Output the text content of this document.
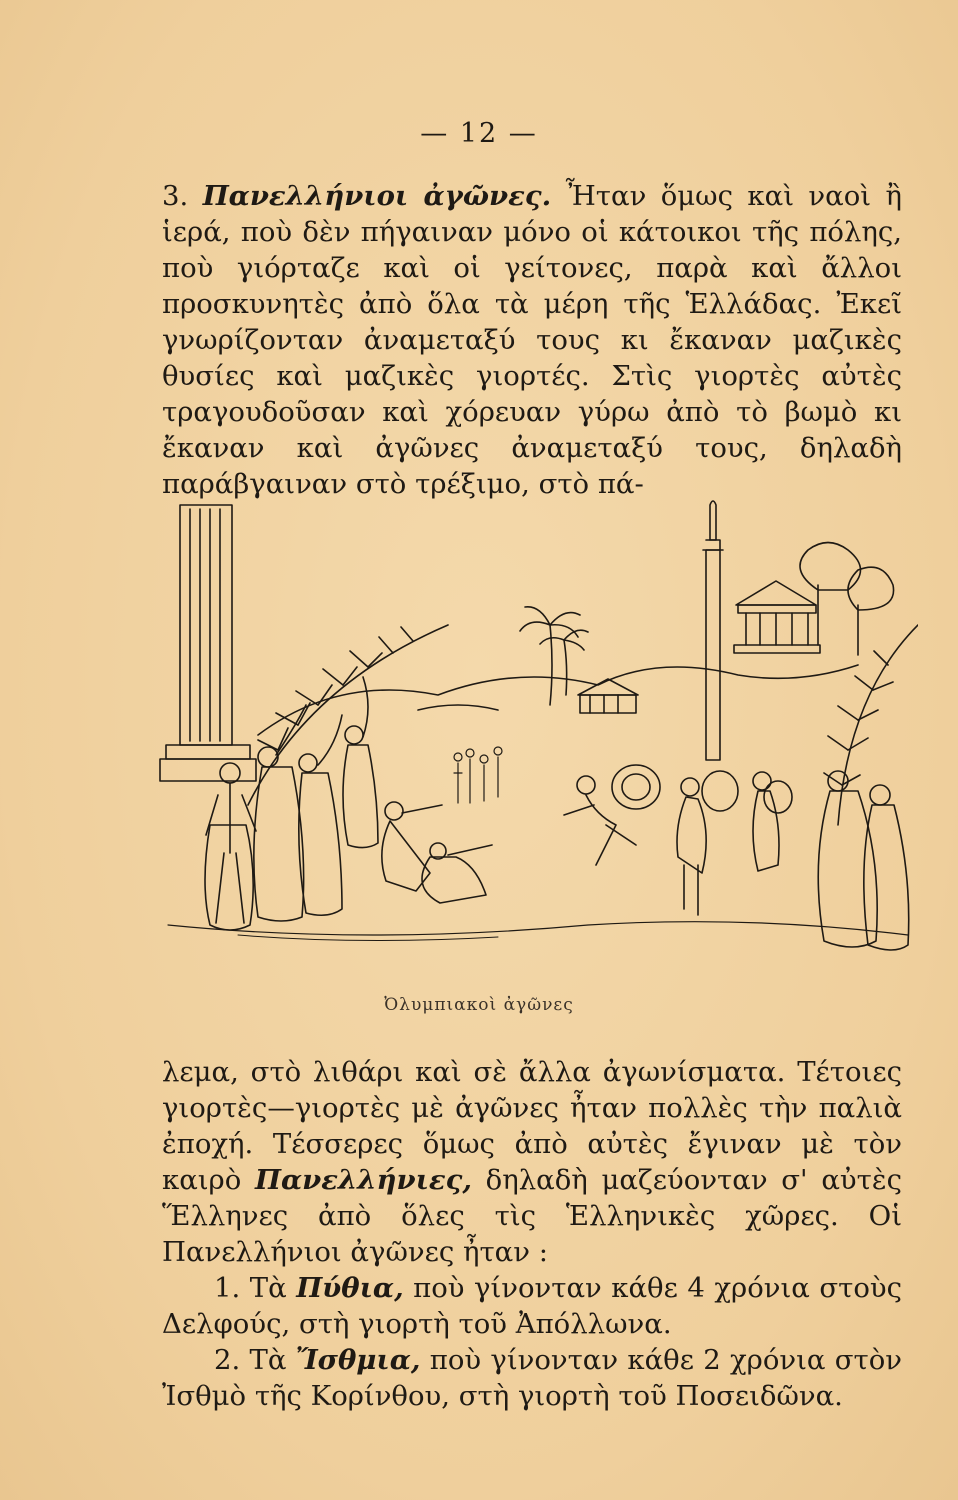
— 12 —

3. Πανελλήνιοι ἀγῶνες. Ἦταν ὅμως καὶ ναοὶ ἢ ἱερά, ποὺ δὲν πήγαιναν μόνο οἱ κάτοικοι τῆς πόλης, ποὺ γιόρταζε καὶ οἱ γείτονες, παρὰ καὶ ἄλλοι προσκυνητὲς ἀπὸ ὅλα τὰ μέρη τῆς Ἑλλάδας. Ἐκεῖ γνωρίζονταν ἀναμεταξύ τους κι ἔκαναν μαζικὲς θυσίες καὶ μαζικὲς γιορτές. Στὶς γιορτὲς αὐτὲς τραγουδοῦσαν καὶ χόρευαν γύρω ἀπὸ τὸ βωμὸ κι ἔκαναν καὶ ἀγῶνες ἀναμεταξύ τους, δηλαδὴ παράβγαιναν στὸ τρέξιμο, στὸ πά-

Ὀλυμπιακοὶ ἀγῶνες

λεμα, στὸ λιθάρι καὶ σὲ ἄλλα ἀγωνίσματα. Τέτοιες γιορτὲς—γιορτὲς μὲ ἀγῶνες ἦταν πολλὲς τὴν παλιὰ ἐποχή. Τέσσερες ὅμως ἀπὸ αὐτὲς ἔγιναν μὲ τὸν καιρὸ Πανελλήνιες, δηλαδὴ μαζεύονταν σ' αὐτὲς Ἕλληνες ἀπὸ ὅλες τὶς Ἑλληνικὲς χῶρες. Οἱ Πανελλήνιοι ἀγῶνες ἦταν :

1. Τὰ Πύθια, ποὺ γίνονταν κάθε 4 χρόνια στοὺς Δελφούς, στὴ γιορτὴ τοῦ Ἀπόλλωνα.

2. Τὰ Ἴσθμια, ποὺ γίνονταν κάθε 2 χρόνια στὸν Ἰσθμὸ τῆς Κορίνθου, στὴ γιορτὴ τοῦ Ποσειδῶνα.
